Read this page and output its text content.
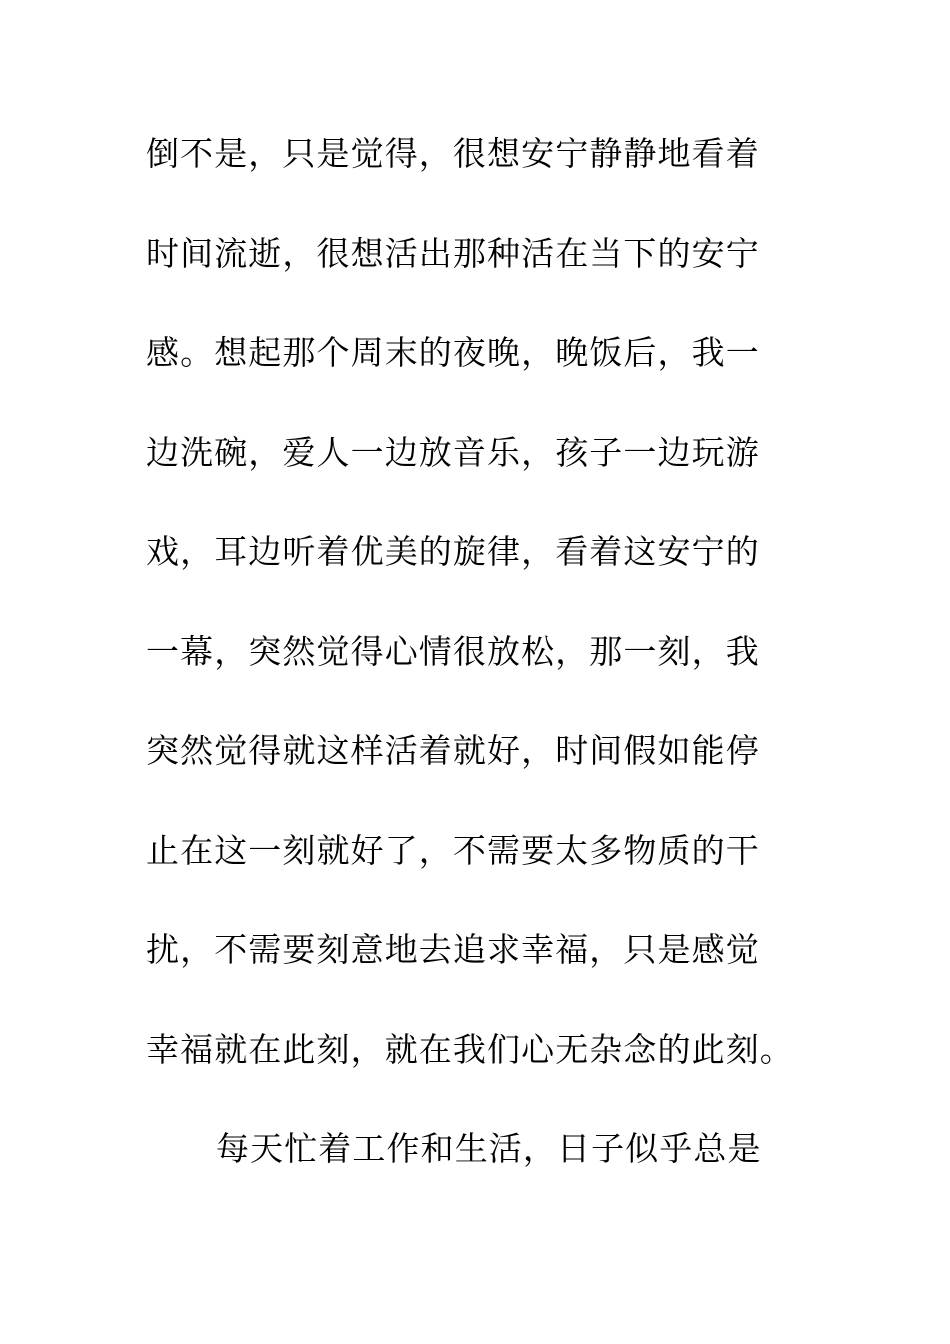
倒不是，只是觉得，很想安宁静静地看着
时间流逝，很想活出那种活在当下的安宁
感。想起那个周末的夜晚，晚饭后，我一
边洗碗，爱人一边放音乐，孩子一边玩游
戏，耳边听着优美的旋律，看着这安宁的
一幕，突然觉得心情很放松，那一刻，我
突然觉得就这样活着就好，时间假如能停
止在这一刻就好了，不需要太多物质的干
扰，不需要刻意地去追求幸福，只是感觉
幸福就在此刻，就在我们心无杂念的此刻。
每天忙着工作和生活，日子似乎总是
